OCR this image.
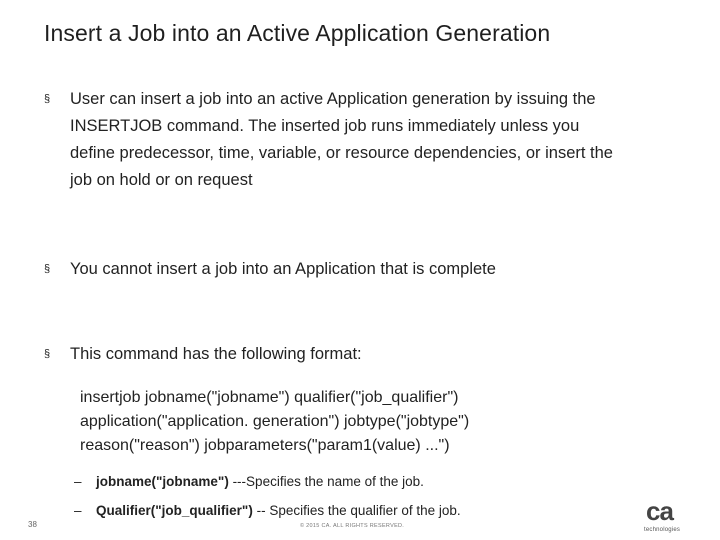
Insert a Job into an Active Application Generation
§	User can insert a job into an active Application generation by issuing the
INSERTJOB command. The inserted job runs immediately unless you
define predecessor, time, variable, or resource dependencies, or insert the
job on hold or on request
§	You cannot insert a job into an Application that is complete
§	This command has the following format:
insertjob jobname("jobname") qualifier("job_qualifier")
application("application. generation") jobtype("jobtype")
reason("reason") jobparameters("param1(value) ...")
– jobname("jobname") ---Specifies the name of the job.
– Qualifier("job_qualifier") -- Specifies the qualifier of the job.
38	© 2015 CA. ALL RIGHTS RESERVED.	ca
technologies
